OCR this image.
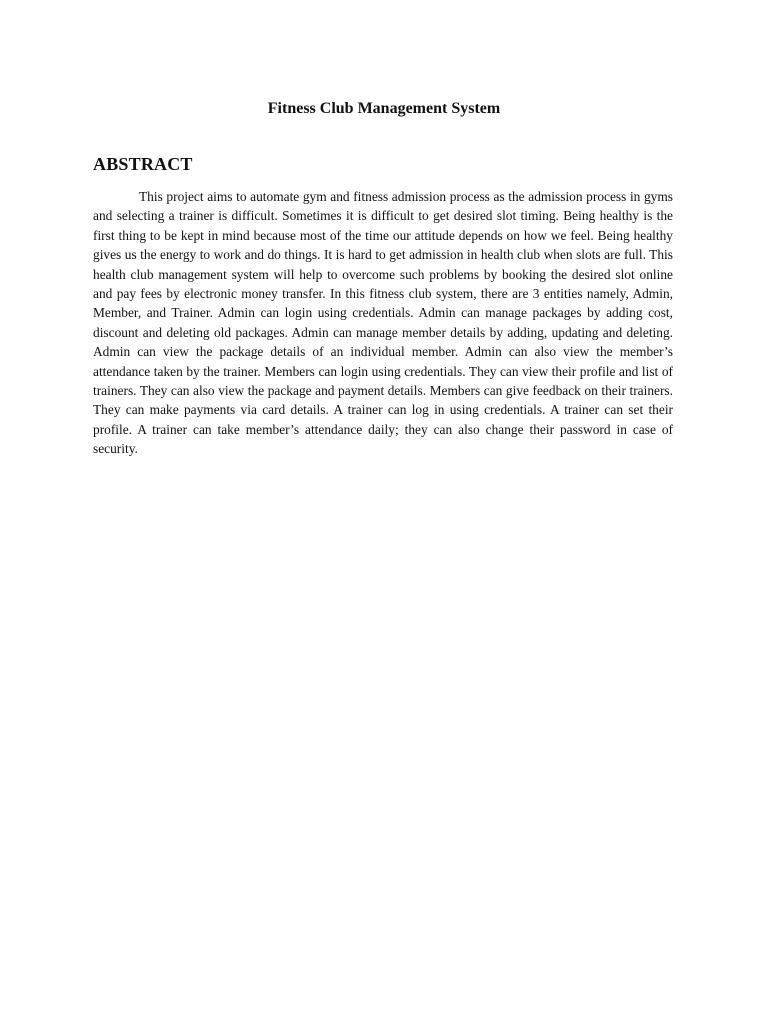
Fitness Club Management System
ABSTRACT

This project aims to automate gym and fitness admission process as the admission process in gyms and selecting a trainer is difficult. Sometimes it is difficult to get desired slot timing. Being healthy is the first thing to be kept in mind because most of the time our attitude depends on how we feel. Being healthy gives us the energy to work and do things. It is hard to get admission in health club when slots are full. This health club management system will help to overcome such problems by booking the desired slot online and pay fees by electronic money transfer. In this fitness club system, there are 3 entities namely, Admin, Member, and Trainer. Admin can login using credentials. Admin can manage packages by adding cost, discount and deleting old packages. Admin can manage member details by adding, updating and deleting. Admin can view the package details of an individual member. Admin can also view the member’s attendance taken by the trainer. Members can login using credentials. They can view their profile and list of trainers. They can also view the package and payment details. Members can give feedback on their trainers. They can make payments via card details. A trainer can log in using credentials. A trainer can set their profile. A trainer can take member’s attendance daily; they can also change their password in case of security.
